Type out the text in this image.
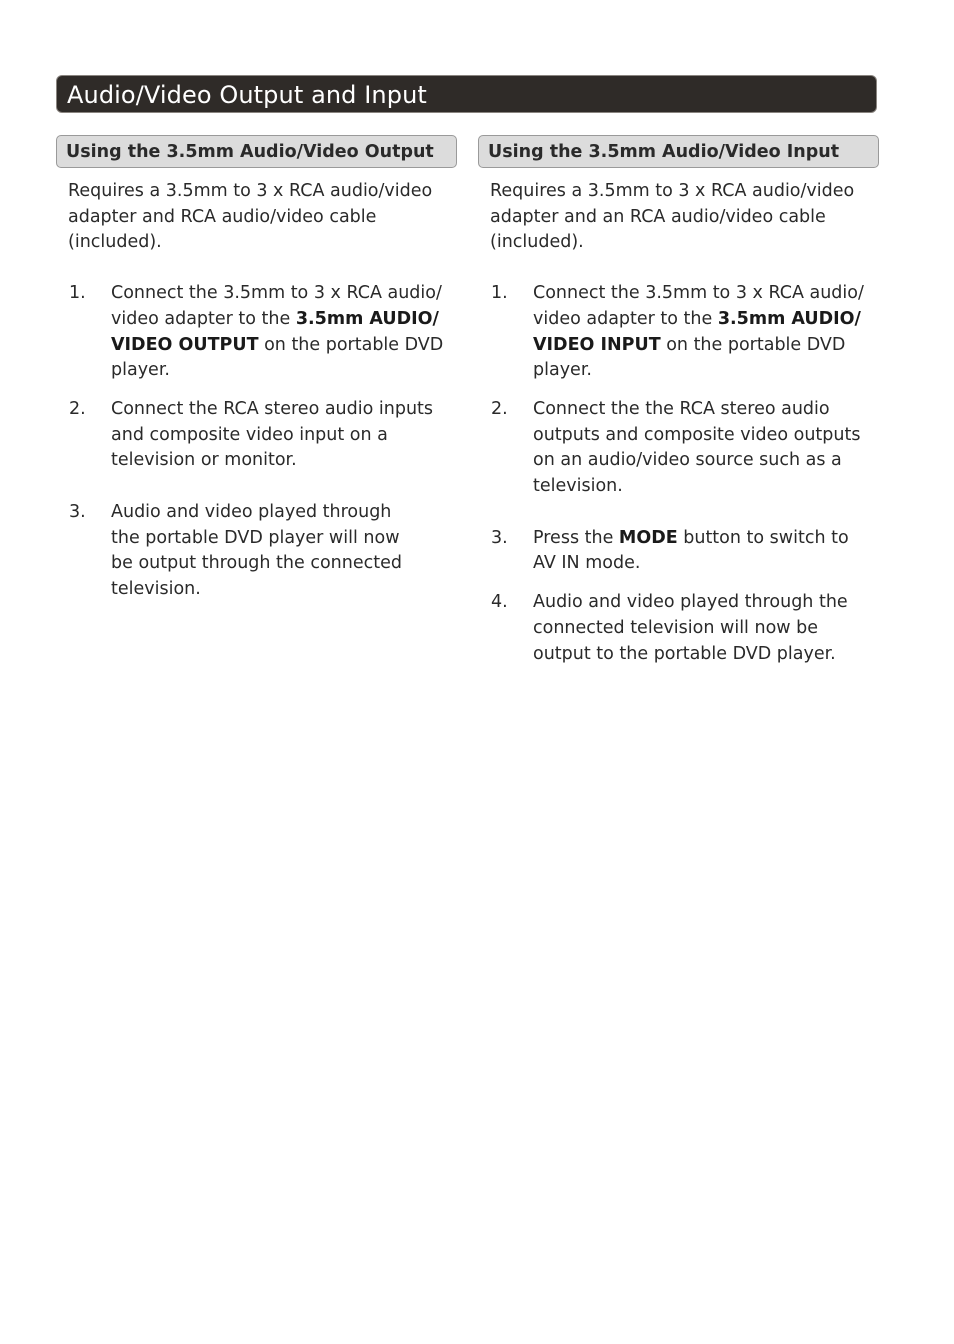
Audio/Video Output and Input
Using the 3.5mm Audio/Video Output

Requires a 3.5mm to 3 x RCA audio/video adapter and RCA audio/video cable (included).

1.	Connect the 3.5mm to 3 x RCA audio/ video adapter to the 3.5mm AUDIO/ VIDEO OUTPUT on the portable DVD player.
2.	Connect the RCA stereo audio inputs and composite video input on a television or monitor.
3.	Audio and video played through the portable DVD player will now be output through the connected television.
Using the 3.5mm Audio/Video Input

Requires a 3.5mm to 3 x RCA audio/video adapter and an RCA audio/video cable (included).

1.	Connect the 3.5mm to 3 x RCA audio/ video adapter to the 3.5mm AUDIO/ VIDEO INPUT on the portable DVD player.
2.	Connect the the RCA stereo audio outputs and composite video outputs on an audio/video source such as a television.
3.	Press the MODE button to switch to AV IN mode.
4.	Audio and video played through the connected television will now be output to the portable DVD player.
